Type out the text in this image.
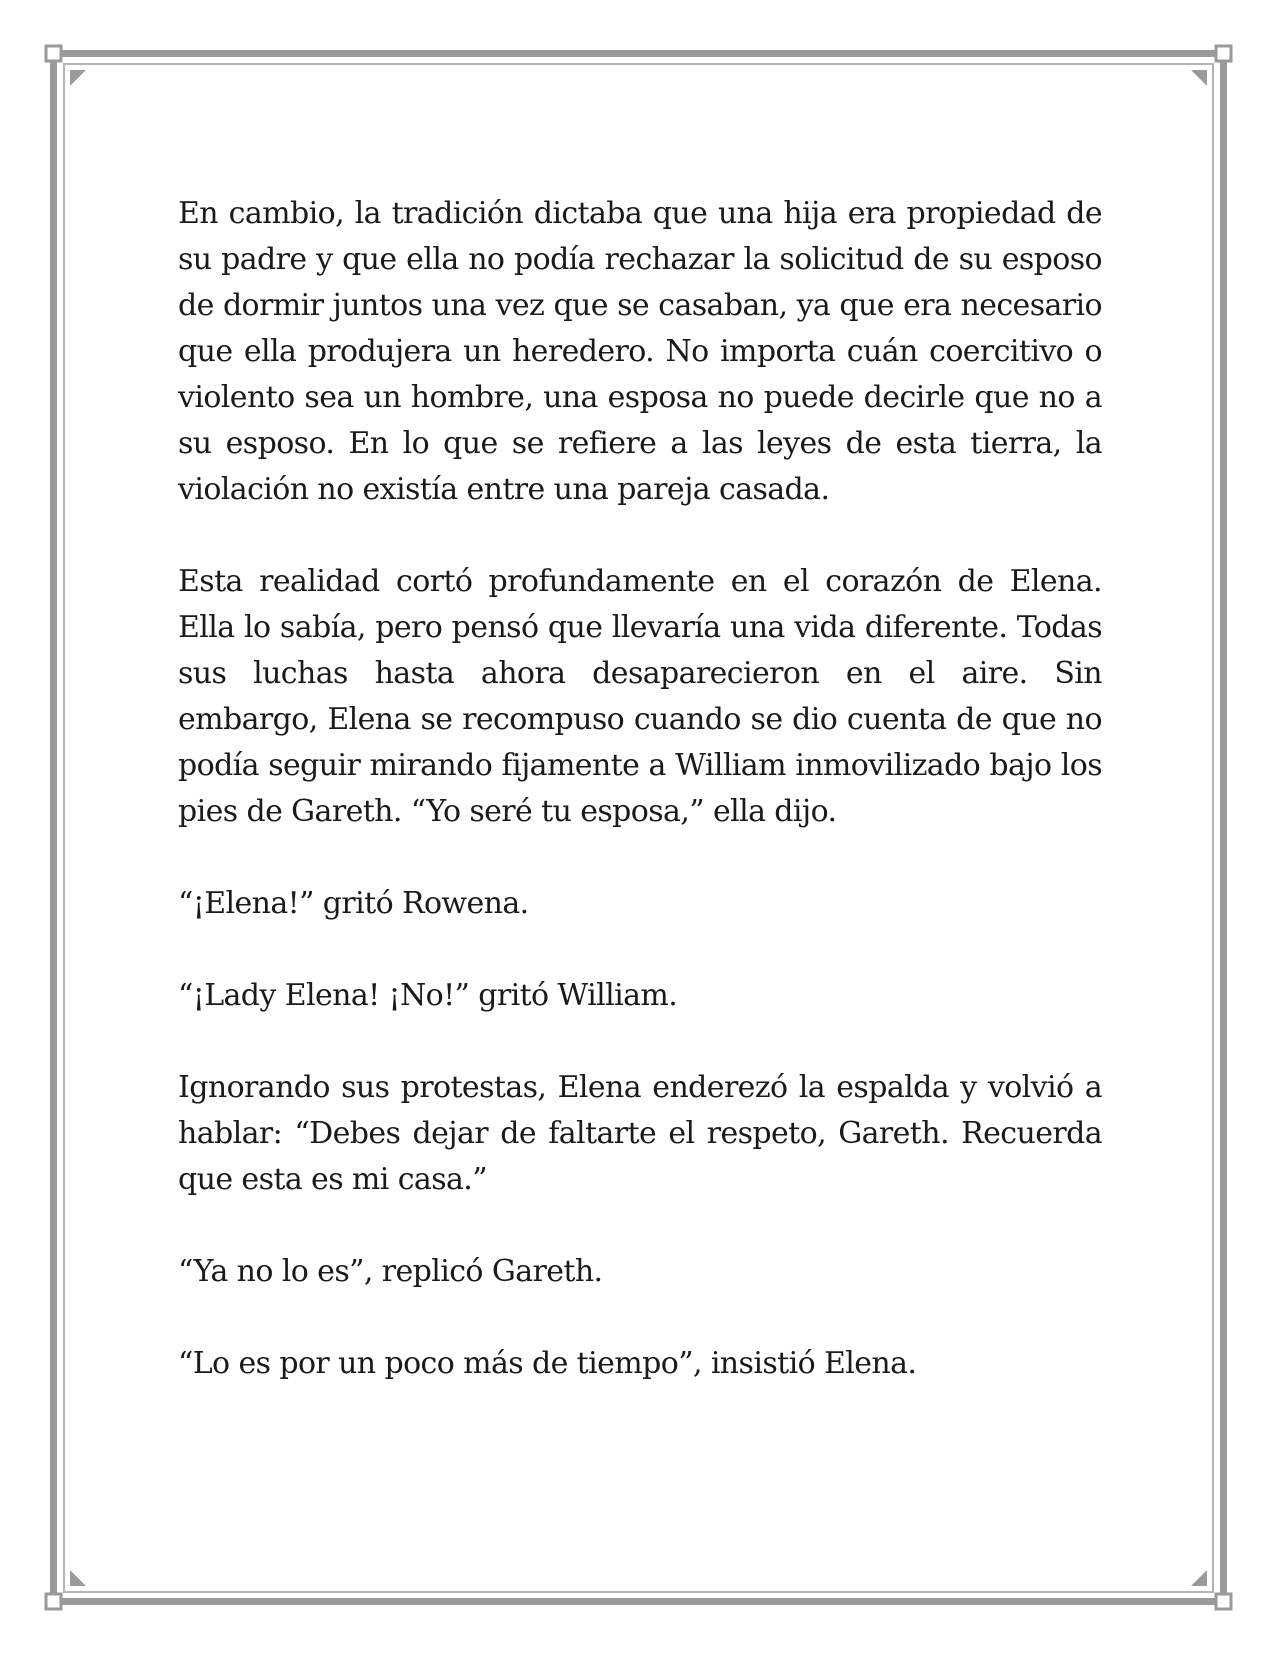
En cambio, la tradición dictaba que una hija era propiedad de su padre y que ella no podía rechazar la solicitud de su esposo de dormir juntos una vez que se casaban, ya que era necesario que ella produjera un heredero. No importa cuán coercitivo o violento sea un hombre, una esposa no puede decirle que no a su esposo. En lo que se refiere a las leyes de esta tierra, la violación no existía entre una pareja casada.

Esta realidad cortó profundamente en el corazón de Elena. Ella lo sabía, pero pensó que llevaría una vida diferente. Todas sus luchas hasta ahora desaparecieron en el aire. Sin embargo, Elena se recompuso cuando se dio cuenta de que no podía seguir mirando fijamente a William inmovilizado bajo los pies de Gareth. “Yo seré tu esposa,” ella dijo.

“¡Elena!” gritó Rowena.

“¡Lady Elena! ¡No!” gritó William.

Ignorando sus protestas, Elena enderezó la espalda y volvió a hablar: “Debes dejar de faltarte el respeto, Gareth. Recuerda que esta es mi casa.”

“Ya no lo es”, replicó Gareth.

“Lo es por un poco más de tiempo”, insistió Elena.
